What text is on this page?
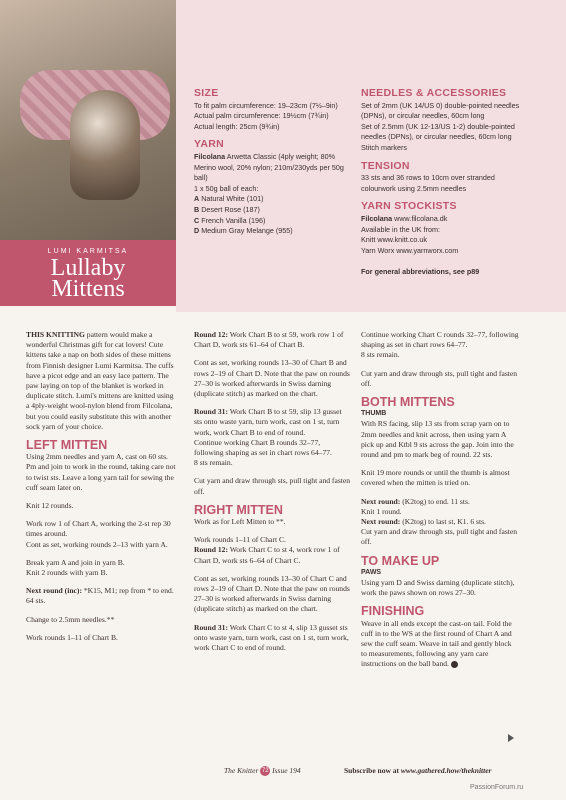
LUMI KARMITSA
Lullaby Mittens
SIZE
To fit palm circumference: 19–23cm (7½–9in)
Actual palm circumference: 19½cm (7¾in)
Actual length: 25cm (9¾in)
YARN
Filcolana Arwetta Classic (4ply weight; 80% Merino wool, 20% nylon; 210m/230yds per 50g ball)
1 x 50g ball of each:
A Natural White (101)
B Desert Rose (187)
C French Vanilla (196)
D Medium Gray Melange (955)
NEEDLES & ACCESSORIES
Set of 2mm (UK 14/US 0) double-pointed needles (DPNs), or circular needles, 60cm long
Set of 2.5mm (UK 12-13/US 1-2) double-pointed needles (DPNs), or circular needles, 60cm long
Stitch markers
TENSION
33 sts and 36 rows to 10cm over stranded colourwork using 2.5mm needles
YARN STOCKISTS
Filcolana www.filcolana.dk
Available in the UK from:
Knitt www.knitt.co.uk
Yarn Worx www.yarnworx.com
For general abbreviations, see p89

THIS KNITTING pattern would make a wonderful Christmas gift for cat lovers! Cute kittens take a nap on both sides of these mittens from Finnish designer Lumi Karmitsa. The cuffs have a picot edge and an easy lace pattern. The paw laying on top of the blanket is worked in duplicate stitch. Lumi's mittens are knitted using a 4ply-weight wool-nylon blend from Filcolana, but you could easily substitute this with another sock yarn of your choice.

LEFT MITTEN
Using 2mm needles and yarn A, cast on 60 sts.

Pm and join to work in the round, taking care not to twist sts. Leave a long yarn tail for sewing the cuff seam later on.

Knit 12 rounds.

Work row 1 of Chart A, working the 2-st rep 30 times around.

Cont as set, working rounds 2–13 with yarn A.

Break yarn A and join in yarn B.

Knit 2 rounds with yarn B.

Next round (inc): *K15, M1; rep from * to end.

64 sts.

Change to 2.5mm needles.**

Work rounds 1–11 of Chart B.

Round 12: Work Chart B to st 59, work row 1 of Chart D, work sts 61–64 of Chart B.

Cont as set, working rounds 13–30 of Chart B and rows 2–19 of Chart D. Note that the paw on rounds 27–30 is worked afterwards in Swiss darning (duplicate stitch) as marked on the chart.

Round 31: Work Chart B to st 59, slip 13 gusset sts onto waste yarn, turn work, cast on 1 st, turn work, work Chart B to end of round.
Continue working Chart B rounds 32–77, following shaping as set in chart rows 64–77.

8 sts remain.

Cut yarn and draw through sts, pull tight and fasten off.

RIGHT MITTEN

Work as for Left Mitten to **.

Work rounds 1–11 of Chart C.

Round 12: Work Chart C to st 4, work row 1 of Chart D, work sts 6–64 of Chart C.

Cont as set, working rounds 13–30 of Chart C and rows 2–19 of Chart D. Note that the paw on rounds 27–30 is worked afterwards in Swiss darning (duplicate stitch) as marked on the chart.

Round 31: Work Chart C to st 4, slip 13 gusset sts onto waste yarn, turn work, cast on 1 st, turn work, work Chart C to end of round.

Continue working Chart C rounds 32–77, following shaping as set in chart rows 64–77.

8 sts remain.

Cut yarn and draw through sts, pull tight and fasten off.

BOTH MITTENS
THUMB

With RS facing, slip 13 sts from scrap yarn on to 2mm needles and knit across, then using yarn A pick up and Ktbl 9 sts across the gap. Join into the round and pm to mark beg of round. 22 sts.

Knit 19 more rounds or until the thumb is almost covered when the mitten is tried on.

Next round: (K2tog) to end. 11 sts.
Knit 1 round.
Next round: (K2tog) to last st, K1. 6 sts.

Cut yarn and draw through sts, pull tight and fasten off.

TO MAKE UP
PAWS

Using yarn D and Swiss darning (duplicate stitch), work the paws shown on rows 27–30.

FINISHING
Weave in all ends except the cast-on tail. Fold the cuff in to the WS at the first round of Chart A and sew the cuff seam. Weave in tail and gently block to measurements, following any yarn care instructions on the ball band.
The Knitter 72 Issue 194	Subscribe now at www.gathered.how/theknitter
PassionForum.ru
